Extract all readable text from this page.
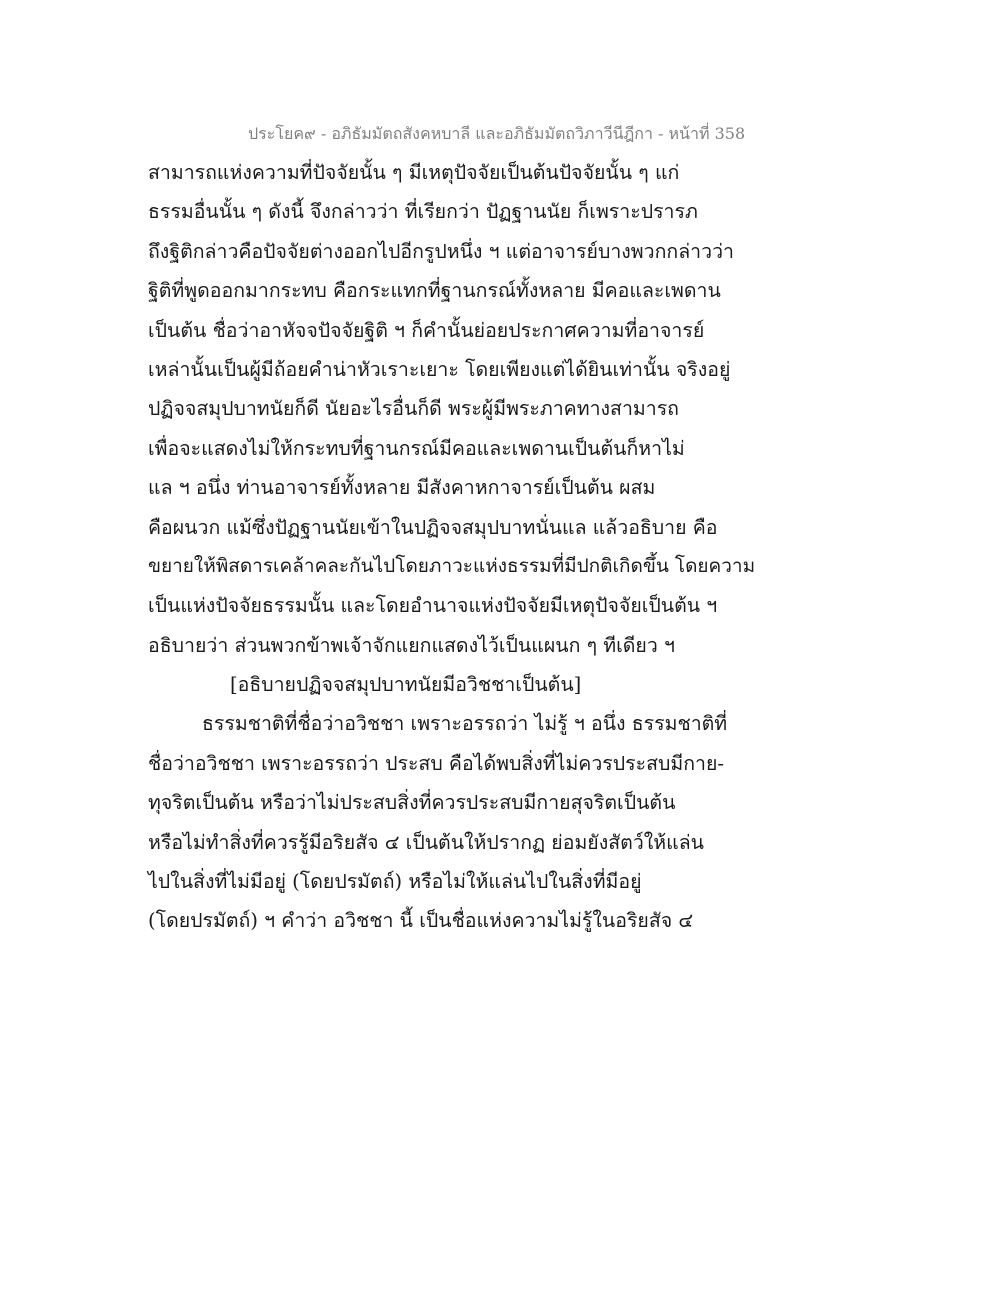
ประโยค๙ - อภิธัมมัตถสังคหบาลี และอภิธัมมัตถวิภาวีนีฎีกา - หน้าที่ 358
สามารถแห่งความที่ปัจจัยนั้น ๆ มีเหตุปัจจัยเป็นต้นปัจจัยนั้น ๆ แก่
ธรรมอื่นนั้น ๆ ดังนี้ จึงกล่าวว่า ที่เรียกว่า ปัฏฐานนัย ก็เพราะปรารภ
ถึงฐิติกล่าวคือปัจจัยต่างออกไปอีกรูปหนึ่ง ฯ แต่อาจารย์บางพวกกล่าวว่า
ฐิติที่พูดออกมากระทบ คือกระแทกที่ฐานกรณ์ทั้งหลาย มีคอและเพดาน
เป็นต้น ชื่อว่าอาหัจจปัจจัยฐิติ ฯ ก็คำนั้นย่อยประกาศความที่อาจารย์
เหล่านั้นเป็นผู้มีถ้อยคำน่าหัวเราะเยาะ โดยเพียงแต่ได้ยินเท่านั้น จริงอยู่
ปฏิจจสมุปบาทนัยก็ดี นัยอะไรอื่นก็ดี พระผู้มีพระภาคทางสามารถ
เพื่อจะแสดงไม่ให้กระทบที่ฐานกรณ์มีคอและเพดานเป็นต้นก็หาไม่
แล ฯ อนึ่ง ท่านอาจารย์ทั้งหลาย มีสังคาหกาจารย์เป็นต้น ผสม
คือผนวก แม้ซึ่งปัฏฐานนัยเข้าในปฏิจจสมุปบาทนั่นแล แล้วอธิบาย คือ
ขยายให้พิสดารเคล้าคละกันไปโดยภาวะแห่งธรรมที่มีปกติเกิดขึ้น โดยความ
เป็นแห่งปัจจัยธรรมนั้น และโดยอำนาจแห่งปัจจัยมีเหตุปัจจัยเป็นต้น ฯ
อธิบายว่า ส่วนพวกข้าพเจ้าจักแยกแสดงไว้เป็นแผนก ๆ ทีเดียว ฯ
[อธิบายปฏิจจสมุปบาทนัยมีอวิชชาเป็นต้น]
ธรรมชาติที่ชื่อว่าอวิชชา เพราะอรรถว่า ไม่รู้ ฯ อนึ่ง ธรรมชาติที่
ชื่อว่าอวิชชา เพราะอรรถว่า ประสบ คือได้พบสิ่งที่ไม่ควรประสบมีกาย-
ทุจริตเป็นต้น หรือว่าไม่ประสบสิ่งที่ควรประสบมีกายสุจริตเป็นต้น
หรือไม่ทำสิ่งที่ควรรู้มีอริยสัจ ๔ เป็นต้นให้ปรากฏ ย่อมยังสัตว์ให้แล่น
ไปในสิ่งที่ไม่มีอยู่ (โดยปรมัตถ์) หรือไม่ให้แล่นไปในสิ่งที่มีอยู่
(โดยปรมัตถ์) ฯ คำว่า อวิชชา นี้ เป็นชื่อแห่งความไม่รู้ในอริยสัจ ๔
